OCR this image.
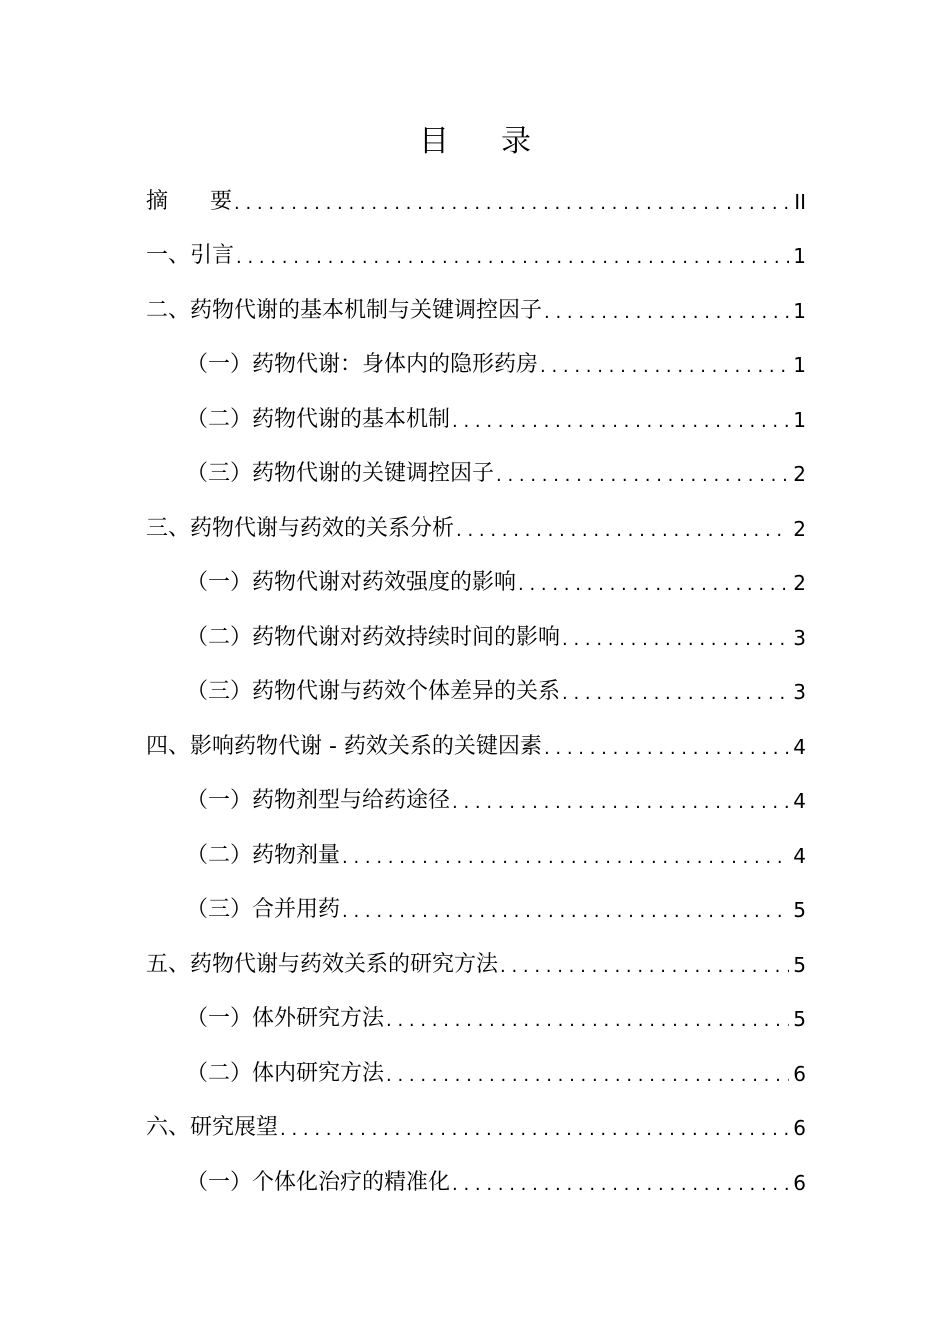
目 录
摘 要 . . .	II
一、引言 . . .	1
二、药物代谢的基本机制与关键调控因子 . . .	1
（一）药物代谢：身体内的隐形药房 . . .	1
（二）药物代谢的基本机制 . . .	1
（三）药物代谢的关键调控因子 . . .	2
三、药物代谢与药效的关系分析 . . .	2
（一）药物代谢对药效强度的影响 . . .	2
（二）药物代谢对药效持续时间的影响 . . .	3
（三）药物代谢与药效个体差异的关系 . . .	3
四、影响药物代谢 - 药效关系的关键因素 . . .	4
（一）药物剂型与给药途径 . . .	4
（二）药物剂量 . . .	4
（三）合并用药 . . .	5
五、药物代谢与药效关系的研究方法 . . .	5
（一）体外研究方法 . . .	5
（二）体内研究方法 . . .	6
六、研究展望 . . .	6
（一）个体化治疗的精准化 . . .	6
